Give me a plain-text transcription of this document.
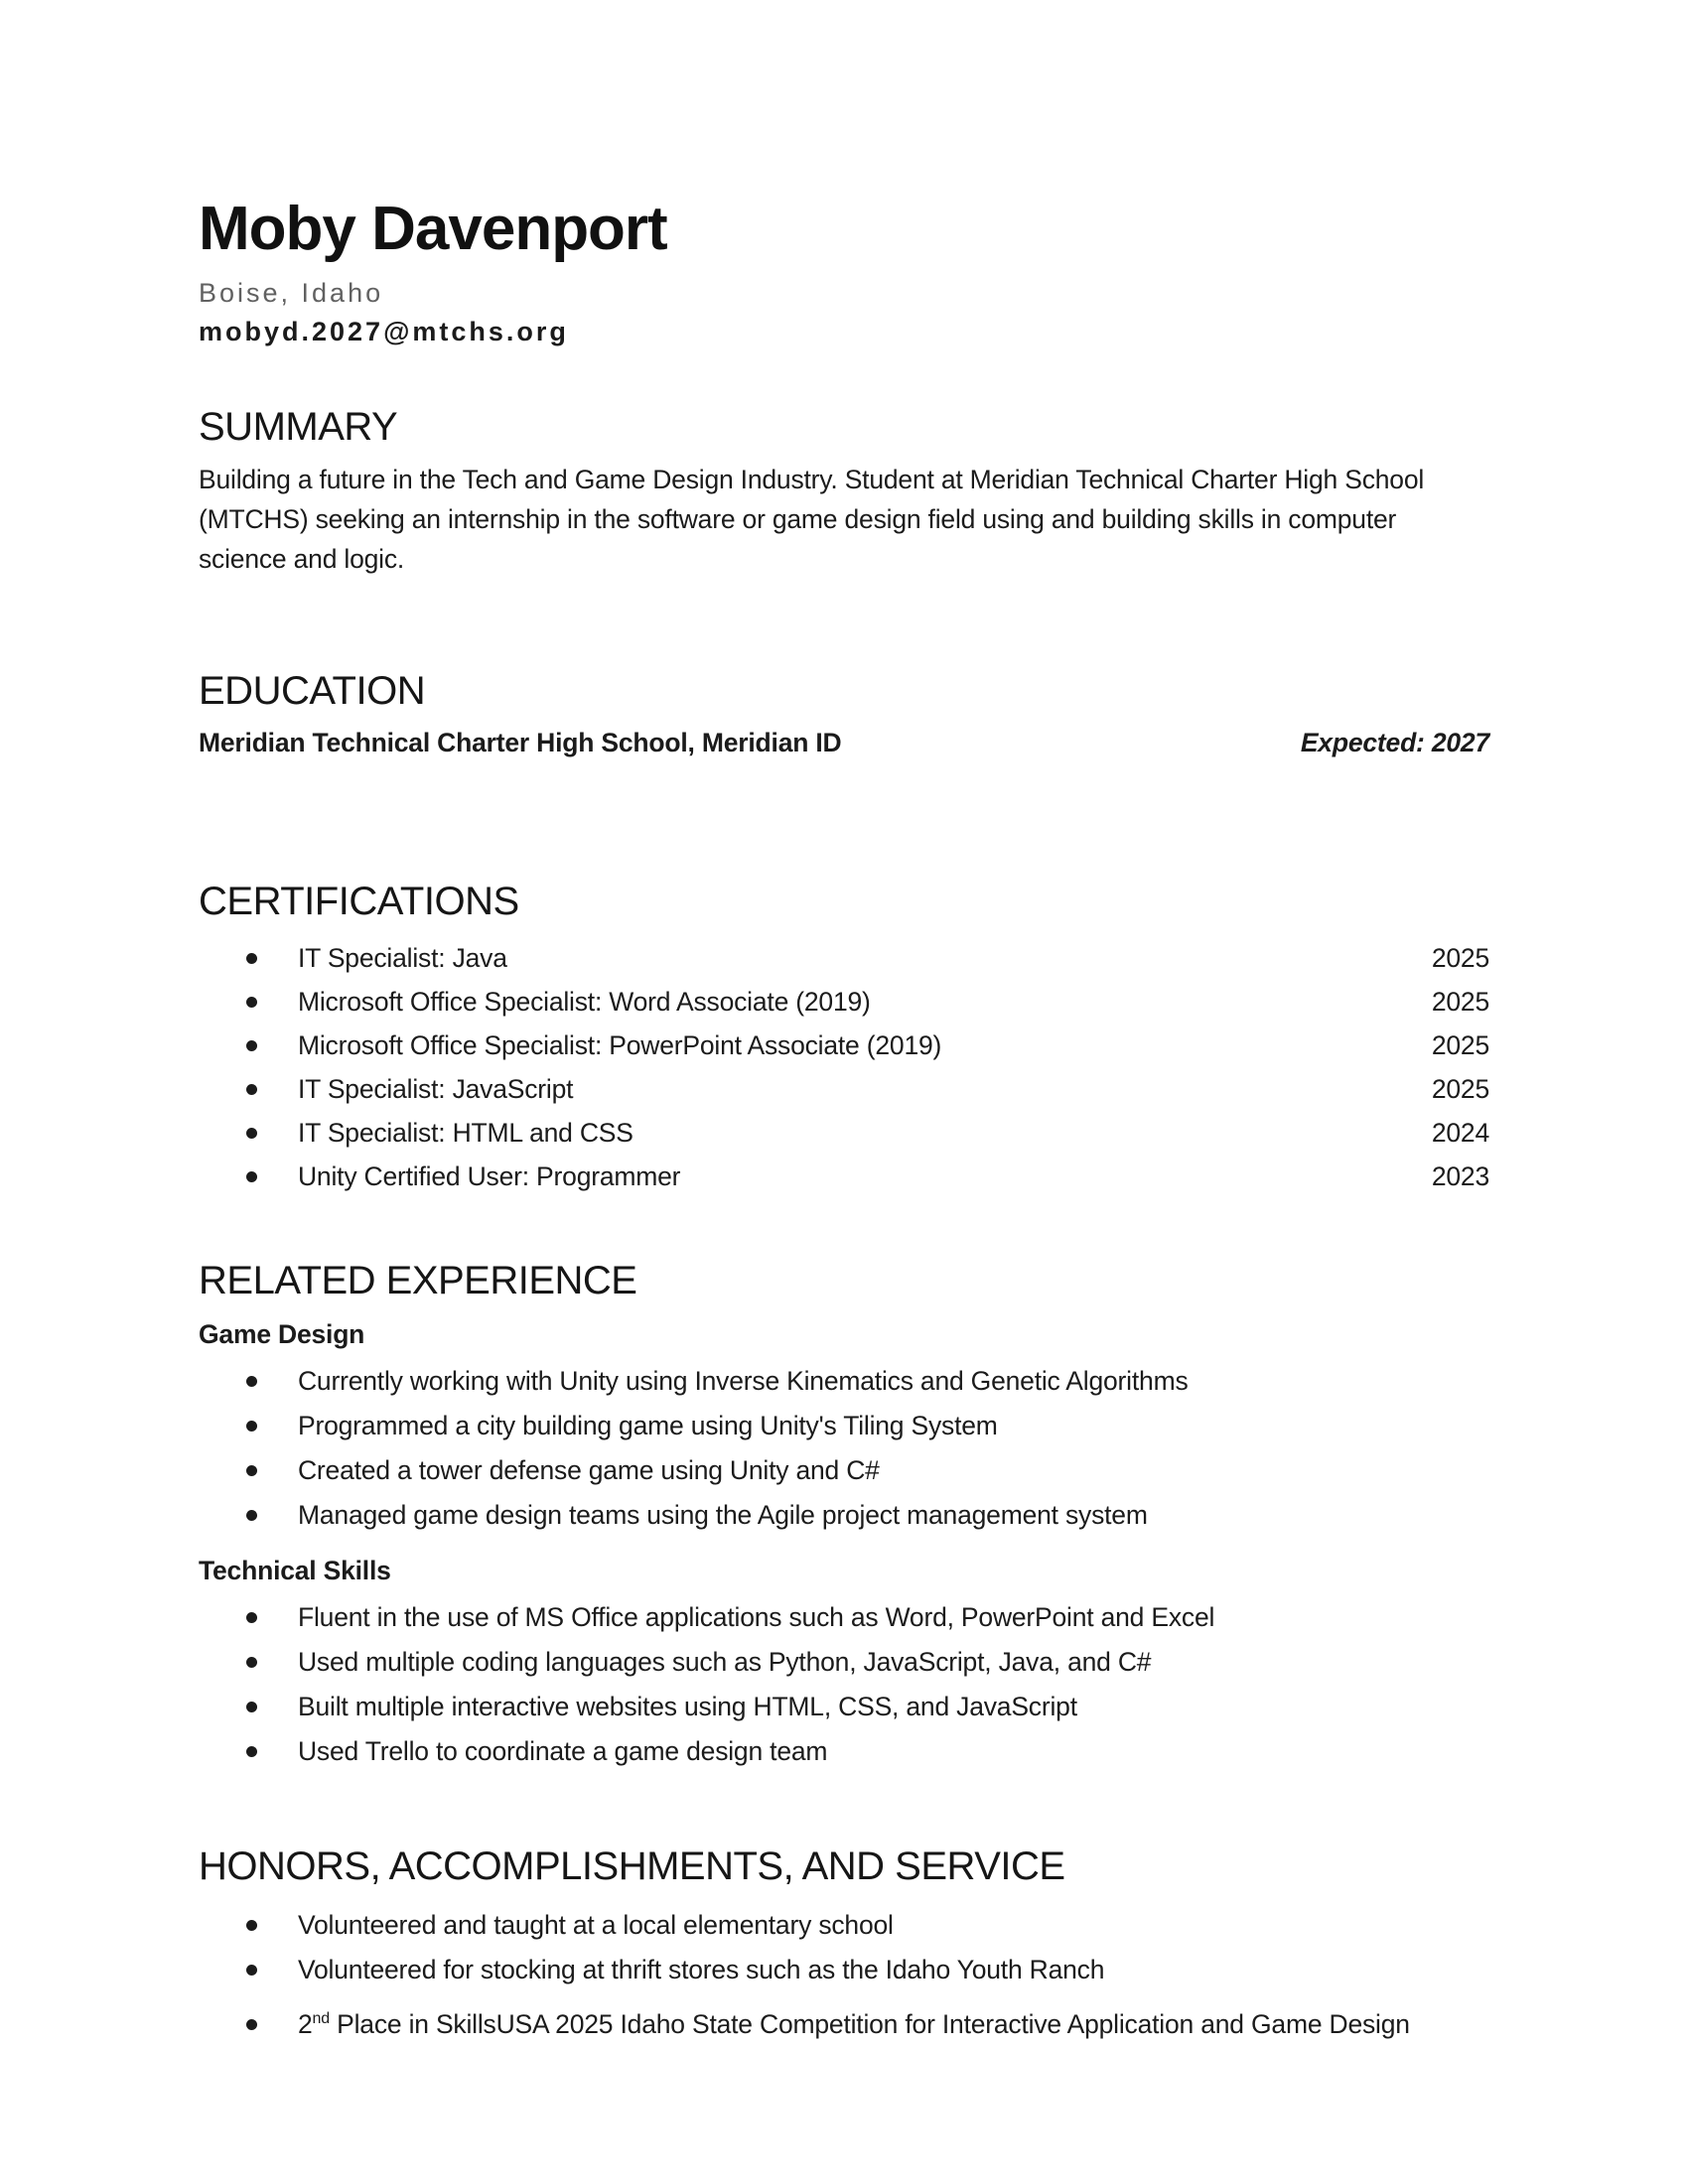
Moby Davenport
Boise, Idaho
mobyd.2027@mtchs.org
SUMMARY

Building a future in the Tech and Game Design Industry. Student at Meridian Technical Charter High School (MTCHS) seeking an internship in the software or game design field using and building skills in computer science and logic.

EDUCATION
Meridian Technical Charter High School, Meridian ID	Expected: 2027
CERTIFICATIONS
IT Specialist: Java	2025
Microsoft Office Specialist: Word Associate (2019)	2025
Microsoft Office Specialist: PowerPoint Associate (2019)	2025
IT Specialist: JavaScript	2025
IT Specialist: HTML and CSS	2024
Unity Certified User: Programmer	2023
RELATED EXPERIENCE
Game Design
Currently working with Unity using Inverse Kinematics and Genetic Algorithms
Programmed a city building game using Unity's Tiling System
Created a tower defense game using Unity and C#
Managed game design teams using the Agile project management system
Technical Skills
Fluent in the use of MS Office applications such as Word, PowerPoint and Excel
Used multiple coding languages such as Python, JavaScript, Java, and C#
Built multiple interactive websites using HTML, CSS, and JavaScript
Used Trello to coordinate a game design team
HONORS, ACCOMPLISHMENTS, AND SERVICE
Volunteered and taught at a local elementary school
Volunteered for stocking at thrift stores such as the Idaho Youth Ranch
2nd Place in SkillsUSA 2025 Idaho State Competition for Interactive Application and Game Design
